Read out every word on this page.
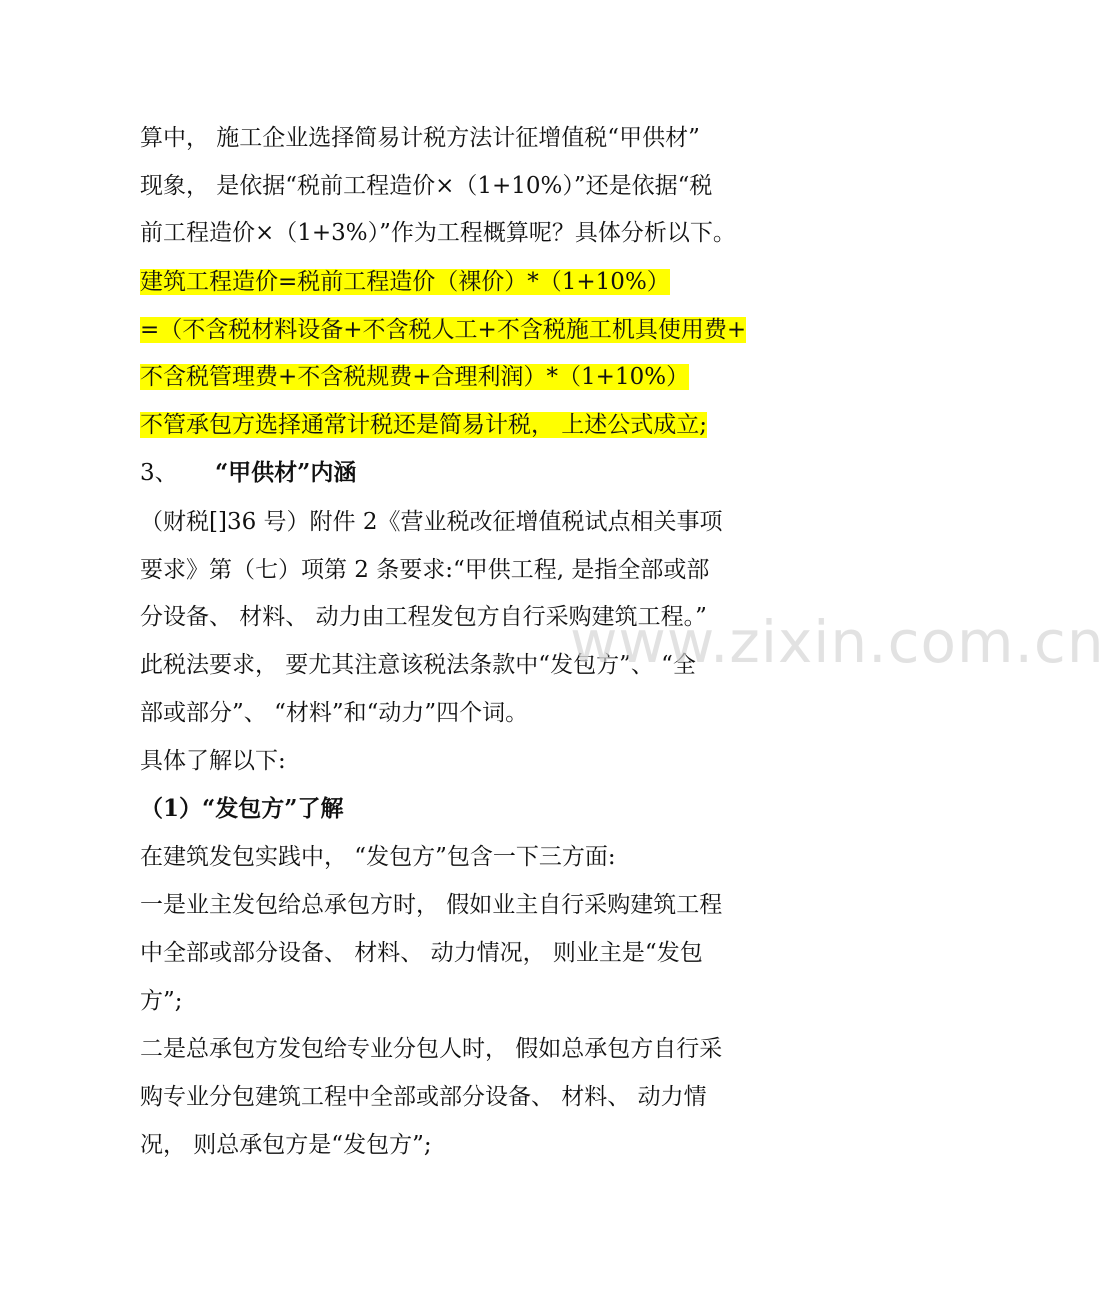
算中， 施工企业选择简易计税方法计征增值税“甲供材”
现象， 是依据“税前工程造价×（1+10%）”还是依据“税
前工程造价×（1+3%）”作为工程概算呢？具体分析以下。
建筑工程造价=税前工程造价（裸价）*（1+10%）
=（不含税材料设备+不含税人工+不含税施工机具使用费+
不含税管理费+不含税规费+合理利润）*（1+10%）
不管承包方选择通常计税还是简易计税， 上述公式成立;
3、 “甲供材”内涵
（财税[]36 号）附件 2《营业税改征增值税试点相关事项
要求》第（七）项第 2 条要求:“甲供工程, 是指全部或部
分设备、 材料、 动力由工程发包方自行采购建筑工程。”
此税法要求， 要尤其注意该税法条款中“发包方”、 “全
部或部分”、 “材料”和“动力”四个词。
具体了解以下:
（1）“发包方”了解
在建筑发包实践中， “发包方”包含一下三方面:
一是业主发包给总承包方时， 假如业主自行采购建筑工程
中全部或部分设备、 材料、 动力情况， 则业主是“发包
方”;
二是总承包方发包给专业分包人时， 假如总承包方自行采
购专业分包建筑工程中全部或部分设备、 材料、 动力情
况， 则总承包方是“发包方”;
www.zixin.com.cn
